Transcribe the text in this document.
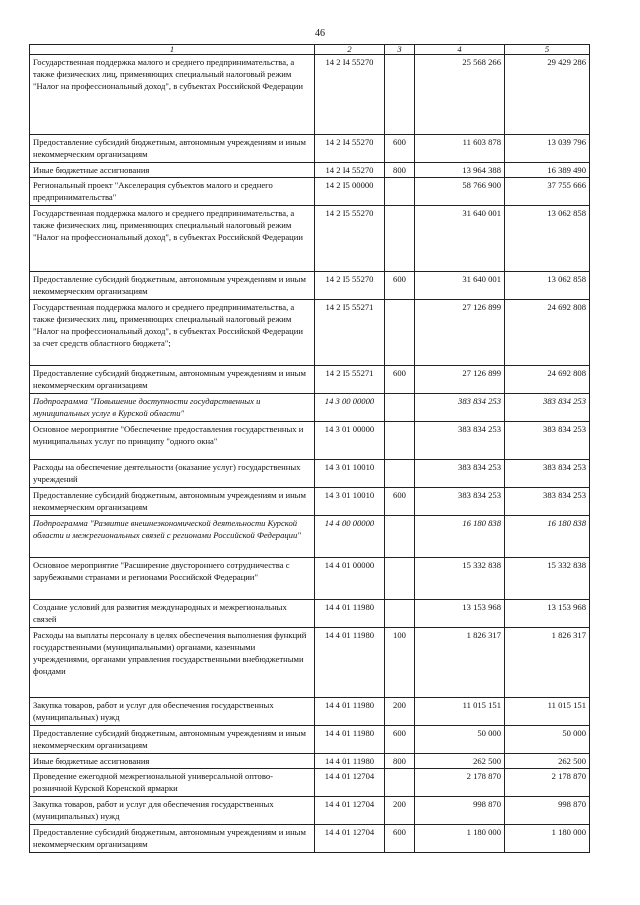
46
1	2	3	4	5
Государственная поддержка малого и среднего предпринимательства, а также физических лиц, применяющих специальный налоговый режим "Налог на профессиональный доход", в субъектах Российской Федерации	14 2 I4 55270		25 568 266	29 429 286
Предоставление субсидий бюджетным, автономным учреждениям и иным некоммерческим организациям	14 2 I4 55270	600	11 603 878	13 039 796
Иные бюджетные ассигнования	14 2 I4 55270	800	13 964 388	16 389 490
Региональный проект "Акселерация субъектов малого и среднего предпринимательства"	14 2 I5 00000		58 766 900	37 755 666
Государственная поддержка малого и среднего предпринимательства, а также физических лиц, применяющих специальный налоговый режим "Налог на профессиональный доход", в субъектах Российской Федерации	14 2 I5 55270		31 640 001	13 062 858
Предоставление субсидий бюджетным, автономным учреждениям и иным некоммерческим организациям	14 2 I5 55270	600	31 640 001	13 062 858
Государственная поддержка малого и среднего предпринимательства, а также физических лиц, применяющих специальный налоговый режим "Налог на профессиональный доход", в субъектах Российской Федерации за счет средств областного бюджета";	14 2 I5 55271		27 126 899	24 692 808
Предоставление субсидий бюджетным, автономным учреждениям и иным некоммерческим организациям	14 2 I5 55271	600	27 126 899	24 692 808
Подпрограмма "Повышение доступности государственных и муниципальных услуг в Курской области"	14 3 00 00000		383 834 253	383 834 253
Основное мероприятие "Обеспечение предоставления государственных и муниципальных услуг по принципу "одного окна"	14 3 01 00000		383 834 253	383 834 253
Расходы на обеспечение деятельности (оказание услуг) государственных учреждений	14 3 01 10010		383 834 253	383 834 253
Предоставление субсидий бюджетным, автономным учреждениям и иным некоммерческим организациям	14 3 01 10010	600	383 834 253	383 834 253
Подпрограмма "Развитие внешнеэкономической деятельности Курской области и межрегиональных связей с регионами Российской Федерации"	14 4 00 00000		16 180 838	16 180 838
Основное мероприятие "Расширение двустороннего сотрудничества с зарубежными странами и регионами Российской Федерации"	14 4 01 00000		15 332 838	15 332 838
Создание условий для развития международных и межрегиональных связей	14 4 01 11980		13 153 968	13 153 968
Расходы на выплаты персоналу в целях обеспечения выполнения функций государственными (муниципальными) органами, казенными учреждениями, органами управления государственными внебюджетными фондами	14 4 01 11980	100	1 826 317	1 826 317
Закупка товаров, работ и услуг для обеспечения государственных (муниципальных) нужд	14 4 01 11980	200	11 015 151	11 015 151
Предоставление субсидий бюджетным, автономным учреждениям и иным некоммерческим организациям	14 4 01 11980	600	50 000	50 000
Иные бюджетные ассигнования	14 4 01 11980	800	262 500	262 500
Проведение ежегодной межрегиональной универсальной оптово-розничной Курской Коренской ярмарки	14 4 01 12704		2 178 870	2 178 870
Закупка товаров, работ и услуг для обеспечения государственных (муниципальных) нужд	14 4 01 12704	200	998 870	998 870
Предоставление субсидий бюджетным, автономным учреждениям и иным некоммерческим организациям	14 4 01 12704	600	1 180 000	1 180 000
